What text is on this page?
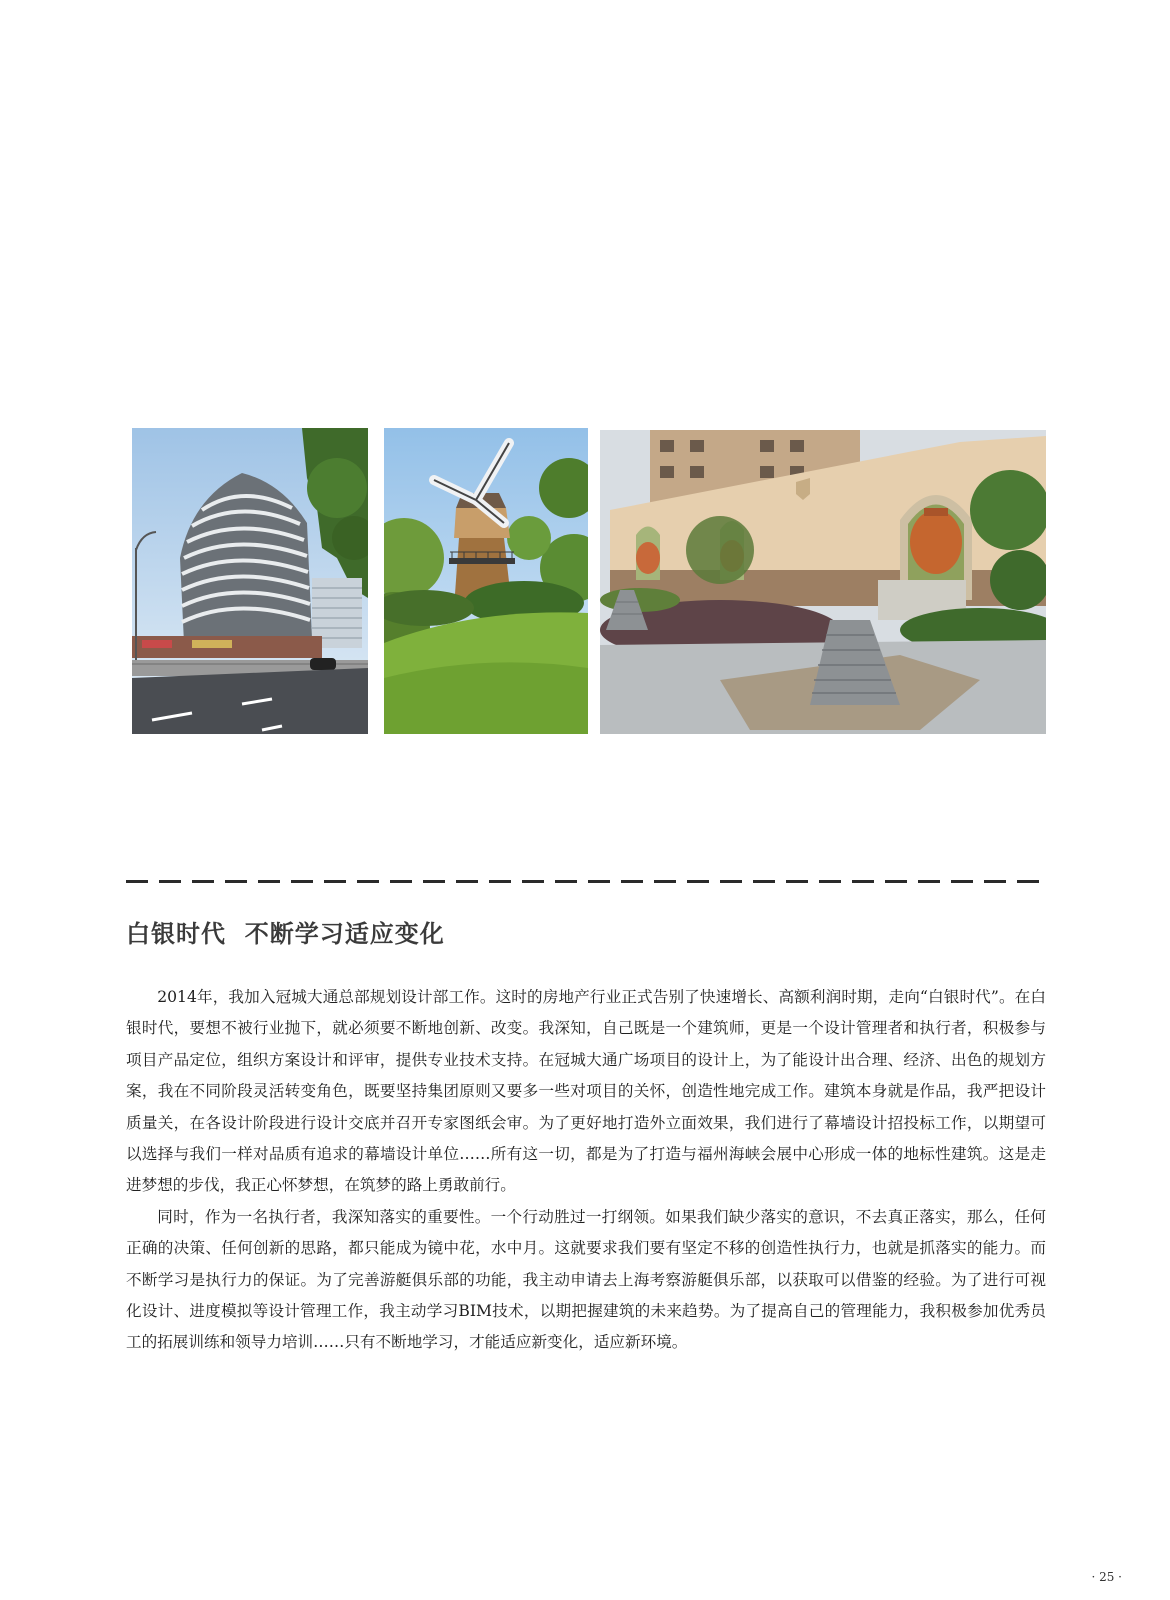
白银时代  不断学习适应变化

2014年，我加入冠城大通总部规划设计部工作。这时的房地产行业正式告别了快速增长、高额利润时期，走向“白银时代”。在白银时代，要想不被行业抛下，就必须要不断地创新、改变。我深知，自己既是一个建筑师，更是一个设计管理者和执行者，积极参与项目产品定位，组织方案设计和评审，提供专业技术支持。在冠城大通广场项目的设计上，为了能设计出合理、经济、出色的规划方案，我在不同阶段灵活转变角色，既要坚持集团原则又要多一些对项目的关怀，创造性地完成工作。建筑本身就是作品，我严把设计质量关，在各设计阶段进行设计交底并召开专家图纸会审。为了更好地打造外立面效果，我们进行了幕墙设计招投标工作，以期望可以选择与我们一样对品质有追求的幕墙设计单位……所有这一切，都是为了打造与福州海峡会展中心形成一体的地标性建筑。这是走进梦想的步伐，我正心怀梦想，在筑梦的路上勇敢前行。

同时，作为一名执行者，我深知落实的重要性。一个行动胜过一打纲领。如果我们缺少落实的意识，不去真正落实，那么，任何正确的决策、任何创新的思路，都只能成为镜中花，水中月。这就要求我们要有坚定不移的创造性执行力，也就是抓落实的能力。而不断学习是执行力的保证。为了完善游艇俱乐部的功能，我主动申请去上海考察游艇俱乐部，以获取可以借鉴的经验。为了进行可视化设计、进度模拟等设计管理工作，我主动学习BIM技术，以期把握建筑的未来趋势。为了提高自己的管理能力，我积极参加优秀员工的拓展训练和领导力培训……只有不断地学习，才能适应新变化，适应新环境。

· 25 ·
